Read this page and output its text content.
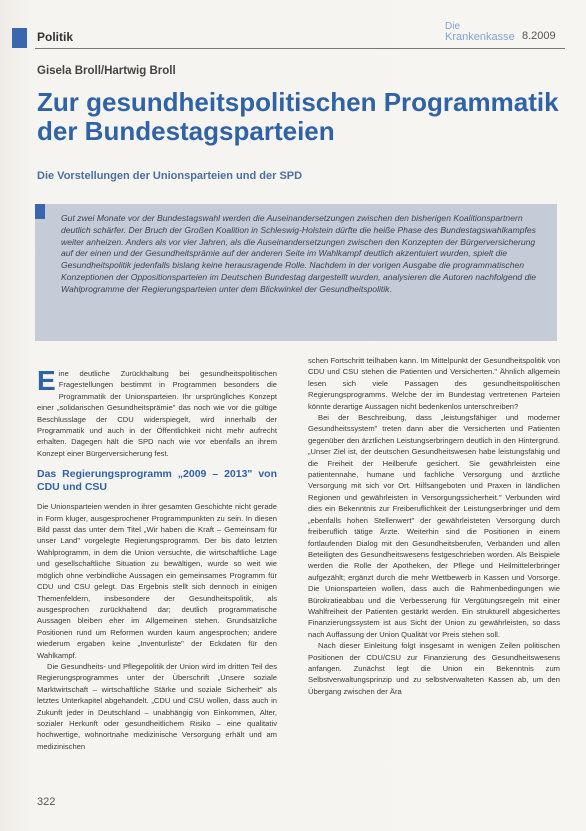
Politik
Die
Krankenkasse 8.2009
Gisela Broll/Hartwig Broll
Zur gesundheitspolitischen Programmatik der Bundestagsparteien
Die Vorstellungen der Unionsparteien und der SPD
Gut zwei Monate vor der Bundestagswahl werden die Auseinandersetzungen zwischen den bisherigen Koalitionspartnern deutlich schärfer. Der Bruch der Großen Koalition in Schleswig-Holstein dürfte die heiße Phase des Bundestagswahlkampfes weiter anheizen. Anders als vor vier Jahren, als die Auseinandersetzungen zwischen den Konzepten der Bürgerversicherung auf der einen und der Gesundheitsprämie auf der anderen Seite im Wahlkampf deutlich akzentuiert wurden, spielt die Gesundheitspolitik jedenfalls bislang keine herausragende Rolle. Nachdem in der vorigen Ausgabe die programmatischen Konzeptionen der Oppositionsparteien im Deutschen Bundestag dargestellt wurden, analysieren die Autoren nachfolgend die Wahlprogramme der Regierungsparteien unter dem Blickwinkel der Gesundheitspolitik.

E ine deutliche Zurückhaltung bei gesundheitspolitischen Fragestellungen bestimmt in Programmen besonders die Programmatik der Unionsparteien. Ihr ursprüngliches Konzept einer „solidarischen Gesundheitsprämie" das noch wie vor die gültige Beschlusslage der CDU widerspiegelt, wird innerhalb der Programmatik und auch in der Öffentlichkeit nicht mehr aufrecht erhalten. Dagegen hält die SPD nach wie vor ebenfalls an ihrem Konzept einer Bürgerversicherung fest.

Das Regierungsprogramm „2009 – 2013" von CDU und CSU

Die Unionsparteien wenden in ihrer gesamten Geschichte nicht gerade in Form kluger, ausgesprochener Programmpunkten zu sein. In diesen Bild passt das unter dem Titel „Wir haben die Kraft – Gemeinsam für unser Land" vorgelegte Regierungsprogramm. Der bis dato letzten Wahlprogramm, in dem die Union versuchte, die wirtschaftliche Lage und gesellschaftliche Situation zu bewältigen, wurde so weit wie möglich ohne verbindliche Aussagen ein gemeinsames Programm für CDU und CSU gelegt. Das Ergebnis stellt sich dennoch in einigen Themenfeldern, insbesondere der Gesundheitspolitik, als ausgesprochen zurückhaltend dar; deutlich programmatische Aussagen bleiben eher im Allgemeinen stehen. Grundsätzliche Positionen rund um Reformen wurden kaum angesprochen; andere wiederum ergaben keine „Inventurliste" der Eckdaten für den Wahlkampf.

Die Gesundheits- und Pflegepolitik der Union wird im dritten Teil des Regierungsprogrammes unter der Überschrift „Unsere soziale Marktwirtschaft – wirtschaftliche Stärke und soziale Sicherheit" als letztes Unterkapitel abgehandelt. „CDU und CSU wollen, dass auch in Zukunft jeder in Deutschland – unabhängig von Einkommen, Alter, sozialer Herkunft oder gesundheitlichem Risiko – eine qualitativ hochwertige, wohnortnahe medizinische Versorgung erhält und am medizinischen

schen Fortschritt teilhaben kann. Im Mittelpunkt der Gesundheitspolitik von CDU und CSU stehen die Patienten und Versicherten." Ähnlich allgemein lesen sich viele Passagen des gesundheitspolitischen Regierungsprogramms. Welche der im Bundestag vertretenen Parteien könnte derartige Aussagen nicht bedenkenlos unterschreiben?

Bei der Beschreibung, dass „leistungsfähiger und moderner Gesundheitssystem" treten dann aber die Versicherten und Patienten gegenüber den ärztlichen Leistungserbringern deutlich in den Hintergrund. „Unser Ziel ist, der deutschen Gesundheitswesen habe leistungsfähig und die Freiheit der Heilberufe gesichert. Sie gewährleisten eine patientennahe, humane und fachliche Versorgung und ärztliche Versorgung mit sich vor Ort. Hilfsangeboten und Praxen in ländlichen Regionen und gewährleisten in Versorgungssicherheit." Verbunden wird dies ein Bekenntnis zur Freiberuflichkeit der Leistungserbringer und dem „ebenfalls hohen Stellenwert" der gewährleisteten Versorgung durch freiberuflich tätige Ärzte. Weiterhin sind die Positionen in einem fortlaufenden Dialog mit den Gesundheitsberufen, Verbänden und allen Beteiligten des Gesundheitswesens festgeschrieben worden. Als Beispiele werden die Rolle der Apotheken, der Pflege und Heilmittelerbringer aufgezählt; ergänzt durch die mehr Wettbewerb in Kassen und Vorsorge. Die Unionsparteien wollen, dass auch die Rahmenbedingungen wie Bürokratieabbau und die Verbesserung für Vergütungsregeln mit einer Wahlfreiheit der Patienten gestärkt werden. Ein strukturell abgesichertes Finanzierungssystem ist aus Sicht der Union zu gewährleisten, so dass nach Auffassung der Union Qualität vor Preis stehen soll.

Nach dieser Einleitung folgt insgesamt in wenigen Zeilen politischen Positionen der CDU/CSU zur Finanzierung des Gesundheitswesens anfangen. Zunächst legt die Union ein Bekenntnis zum Selbstverwaltungsprinzip und zu selbstverwalteten Kassen ab, um den Übergang zwischen der Ära

322
